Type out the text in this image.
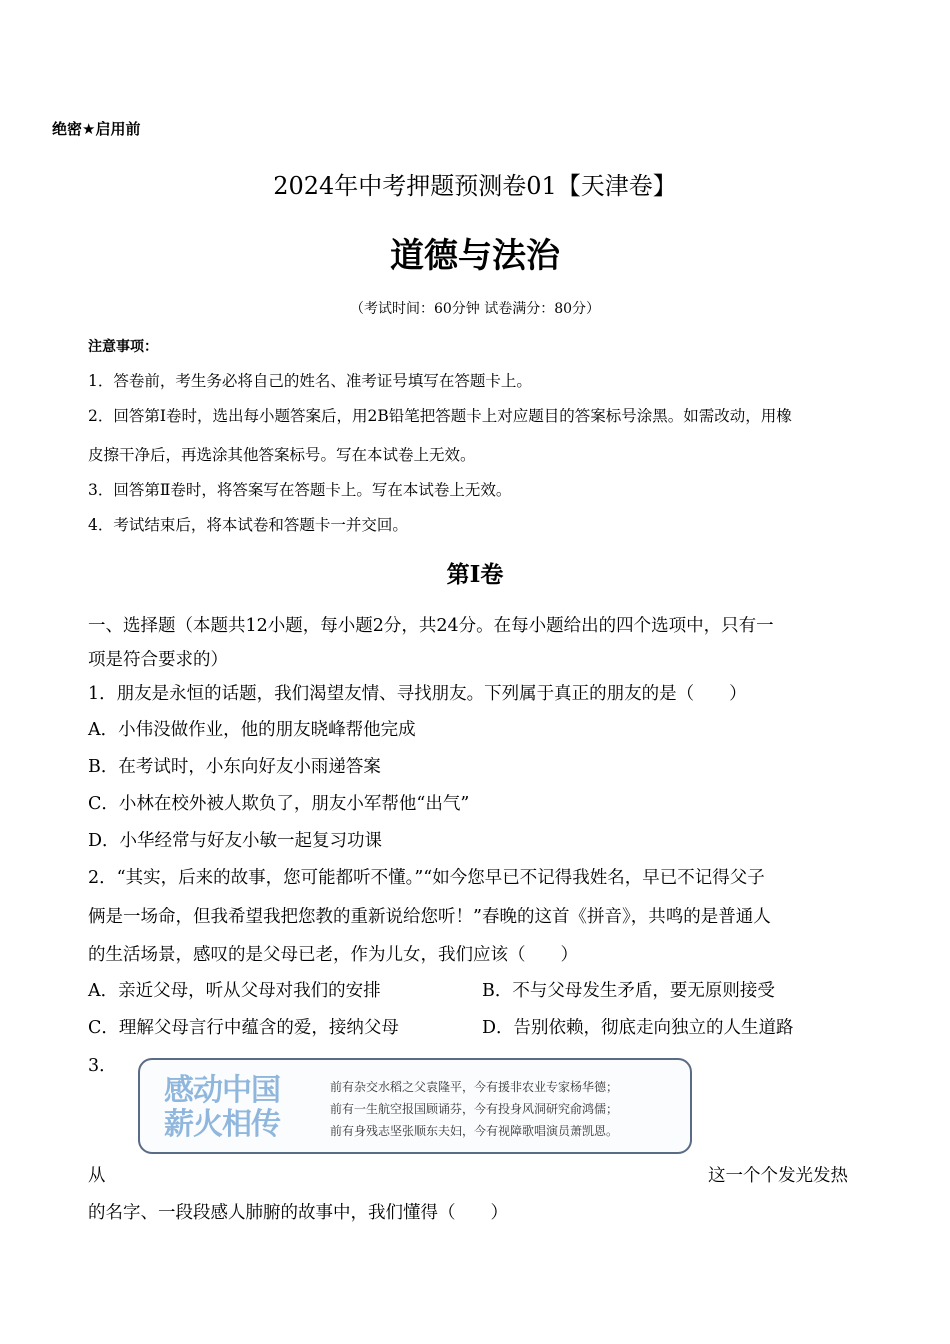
绝密★启用前
2024年中考押题预测卷01【天津卷】
道德与法治
（考试时间：60分钟 试卷满分：80分）
注意事项：
1．答卷前，考生务必将自己的姓名、准考证号填写在答题卡上。
2．回答第Ⅰ卷时，选出每小题答案后，用2B铅笔把答题卡上对应题目的答案标号涂黑。如需改动，用橡
皮擦干净后，再选涂其他答案标号。写在本试卷上无效。
3．回答第Ⅱ卷时，将答案写在答题卡上。写在本试卷上无效。
4．考试结束后，将本试卷和答题卡一并交回。
第Ⅰ卷
一、选择题（本题共12小题，每小题2分，共24分。在每小题给出的四个选项中，只有一
项是符合要求的）
1．朋友是永恒的话题，我们渴望友情、寻找朋友。下列属于真正的朋友的是（　　）
A．小伟没做作业，他的朋友晓峰帮他完成
B．在考试时，小东向好友小雨递答案
C．小林在校外被人欺负了，朋友小军帮他“出气”
D．小华经常与好友小敏一起复习功课
2．“其实，后来的故事，您可能都听不懂。”“如今您早已不记得我姓名，早已不记得父子
俩是一场命，但我希望我把您教的重新说给您听！”春晚的这首《拼音》，共鸣的是普通人
的生活场景，感叹的是父母已老，作为儿女，我们应该（　　）
A．亲近父母，听从父母对我们的安排	B．不与父母发生矛盾，要无原则接受
C．理解父母言行中蕴含的爱，接纳父母	D．告别依赖，彻底走向独立的人生道路
3．
感动中国
薪火相传
前有杂交水稻之父袁隆平，今有援非农业专家杨华德；
前有一生航空报国顾诵芬，今有投身风洞研究俞鸿儒；
前有身残志坚张顺东夫妇，今有视障歌唱演员萧凯恩。
从	这一个个发光发热
的名字、一段段感人肺腑的故事中，我们懂得（　　）
